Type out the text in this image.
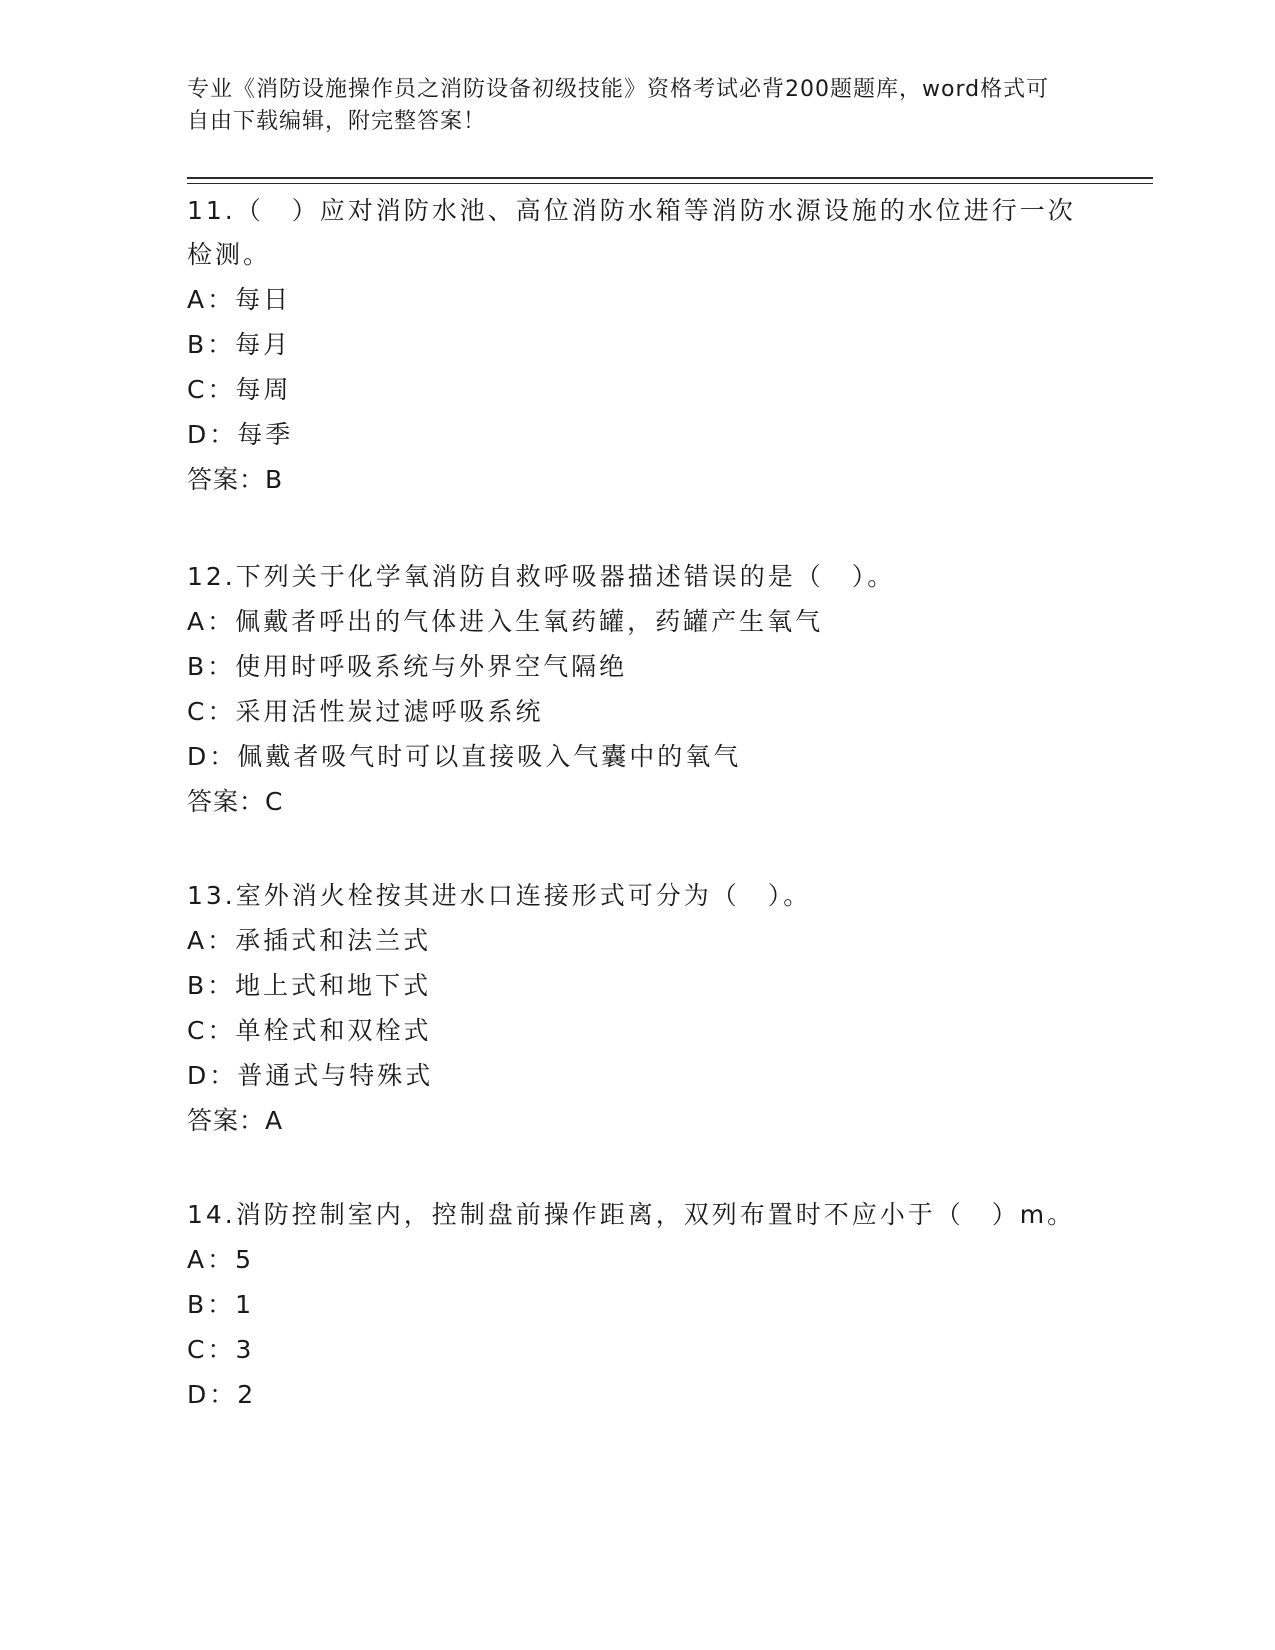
专业《消防设施操作员之消防设备初级技能》资格考试必背200题题库，word格式可自由下载编辑，附完整答案！

11.（　）应对消防水池、高位消防水箱等消防水源设施的水位进行一次检测。

A：每日

B：每月

C：每周

D：每季

答案：B

12.下列关于化学氧消防自救呼吸器描述错误的是（　）。

A：佩戴者呼出的气体进入生氧药罐，药罐产生氧气

B：使用时呼吸系统与外界空气隔绝

C：采用活性炭过滤呼吸系统

D：佩戴者吸气时可以直接吸入气囊中的氧气

答案：C

13.室外消火栓按其进水口连接形式可分为（　）。

A：承插式和法兰式

B：地上式和地下式

C：单栓式和双栓式

D：普通式与特殊式

答案：A

14.消防控制室内，控制盘前操作距离，双列布置时不应小于（　）m。

A：5

B：1

C：3

D：2
